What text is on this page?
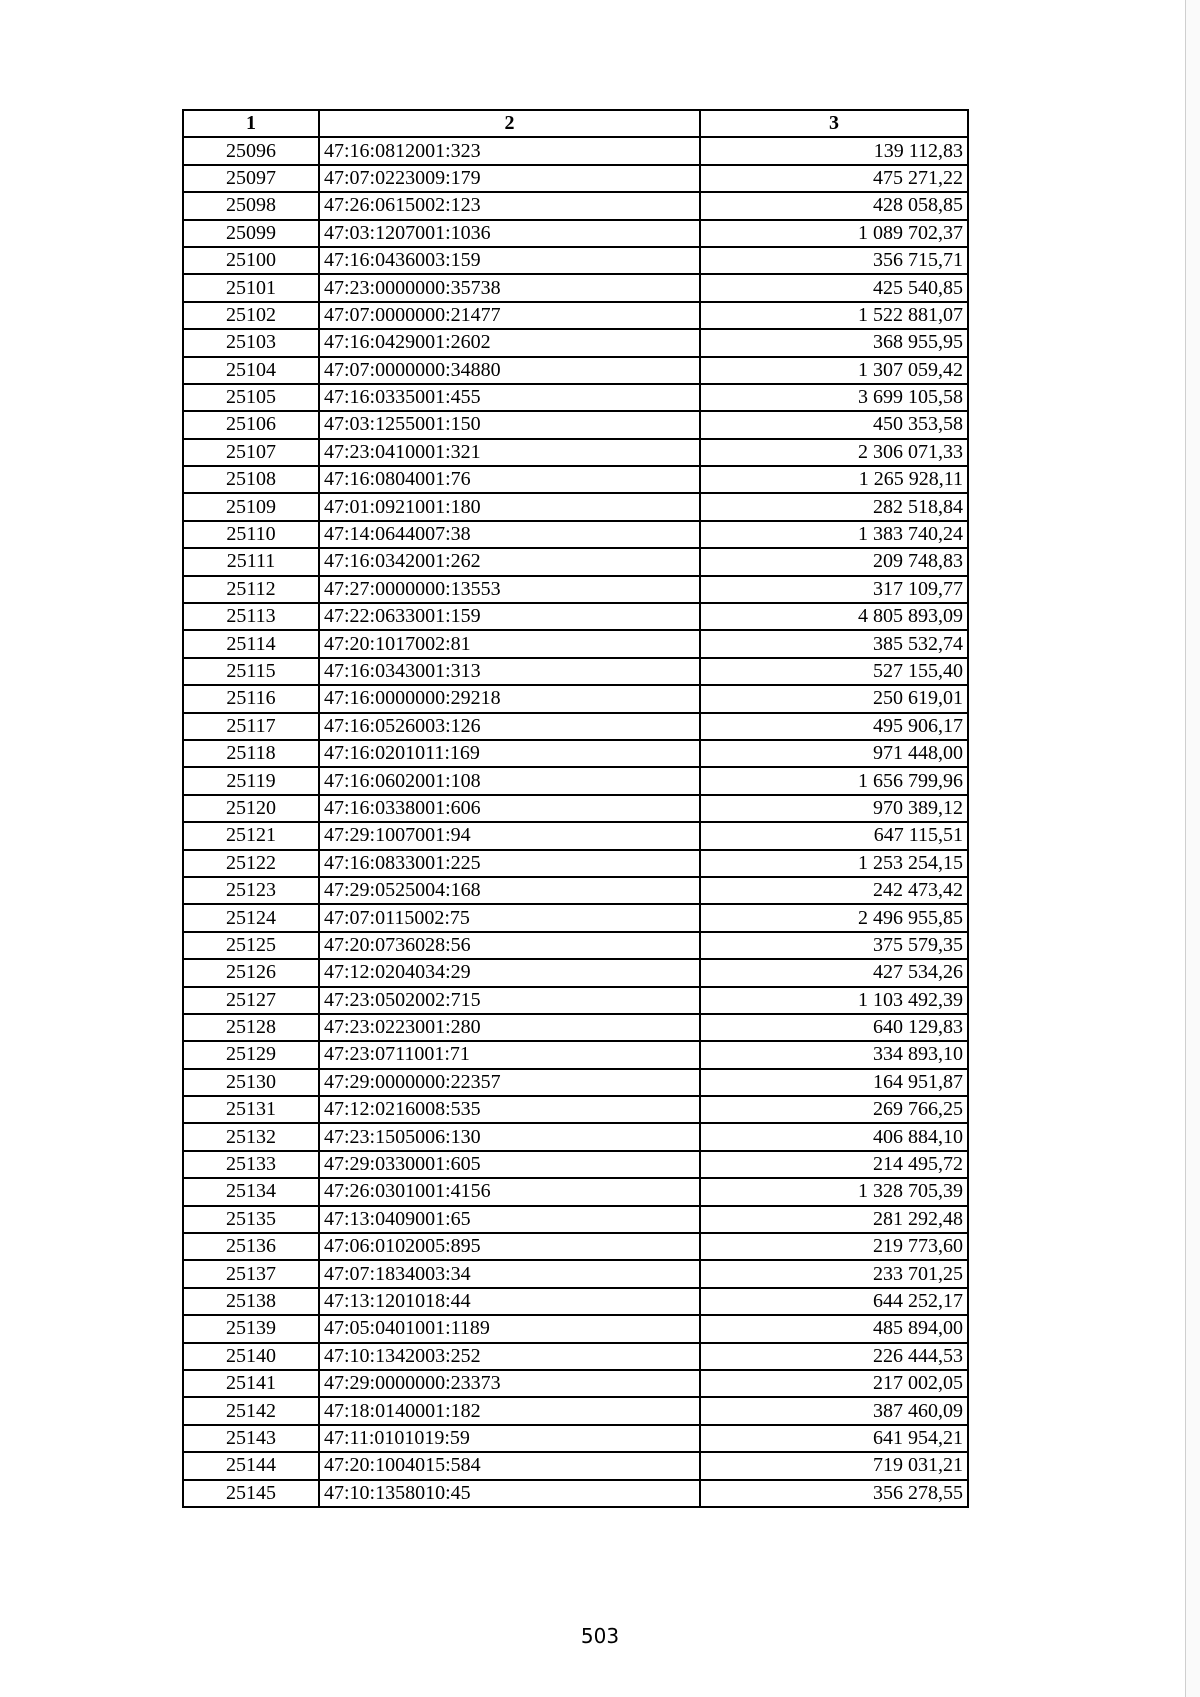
1	2	3
25096	47:16:0812001:323	139 112,83
25097	47:07:0223009:179	475 271,22
25098	47:26:0615002:123	428 058,85
25099	47:03:1207001:1036	1 089 702,37
25100	47:16:0436003:159	356 715,71
25101	47:23:0000000:35738	425 540,85
25102	47:07:0000000:21477	1 522 881,07
25103	47:16:0429001:2602	368 955,95
25104	47:07:0000000:34880	1 307 059,42
25105	47:16:0335001:455	3 699 105,58
25106	47:03:1255001:150	450 353,58
25107	47:23:0410001:321	2 306 071,33
25108	47:16:0804001:76	1 265 928,11
25109	47:01:0921001:180	282 518,84
25110	47:14:0644007:38	1 383 740,24
25111	47:16:0342001:262	209 748,83
25112	47:27:0000000:13553	317 109,77
25113	47:22:0633001:159	4 805 893,09
25114	47:20:1017002:81	385 532,74
25115	47:16:0343001:313	527 155,40
25116	47:16:0000000:29218	250 619,01
25117	47:16:0526003:126	495 906,17
25118	47:16:0201011:169	971 448,00
25119	47:16:0602001:108	1 656 799,96
25120	47:16:0338001:606	970 389,12
25121	47:29:1007001:94	647 115,51
25122	47:16:0833001:225	1 253 254,15
25123	47:29:0525004:168	242 473,42
25124	47:07:0115002:75	2 496 955,85
25125	47:20:0736028:56	375 579,35
25126	47:12:0204034:29	427 534,26
25127	47:23:0502002:715	1 103 492,39
25128	47:23:0223001:280	640 129,83
25129	47:23:0711001:71	334 893,10
25130	47:29:0000000:22357	164 951,87
25131	47:12:0216008:535	269 766,25
25132	47:23:1505006:130	406 884,10
25133	47:29:0330001:605	214 495,72
25134	47:26:0301001:4156	1 328 705,39
25135	47:13:0409001:65	281 292,48
25136	47:06:0102005:895	219 773,60
25137	47:07:1834003:34	233 701,25
25138	47:13:1201018:44	644 252,17
25139	47:05:0401001:1189	485 894,00
25140	47:10:1342003:252	226 444,53
25141	47:29:0000000:23373	217 002,05
25142	47:18:0140001:182	387 460,09
25143	47:11:0101019:59	641 954,21
25144	47:20:1004015:584	719 031,21
25145	47:10:1358010:45	356 278,55
503
